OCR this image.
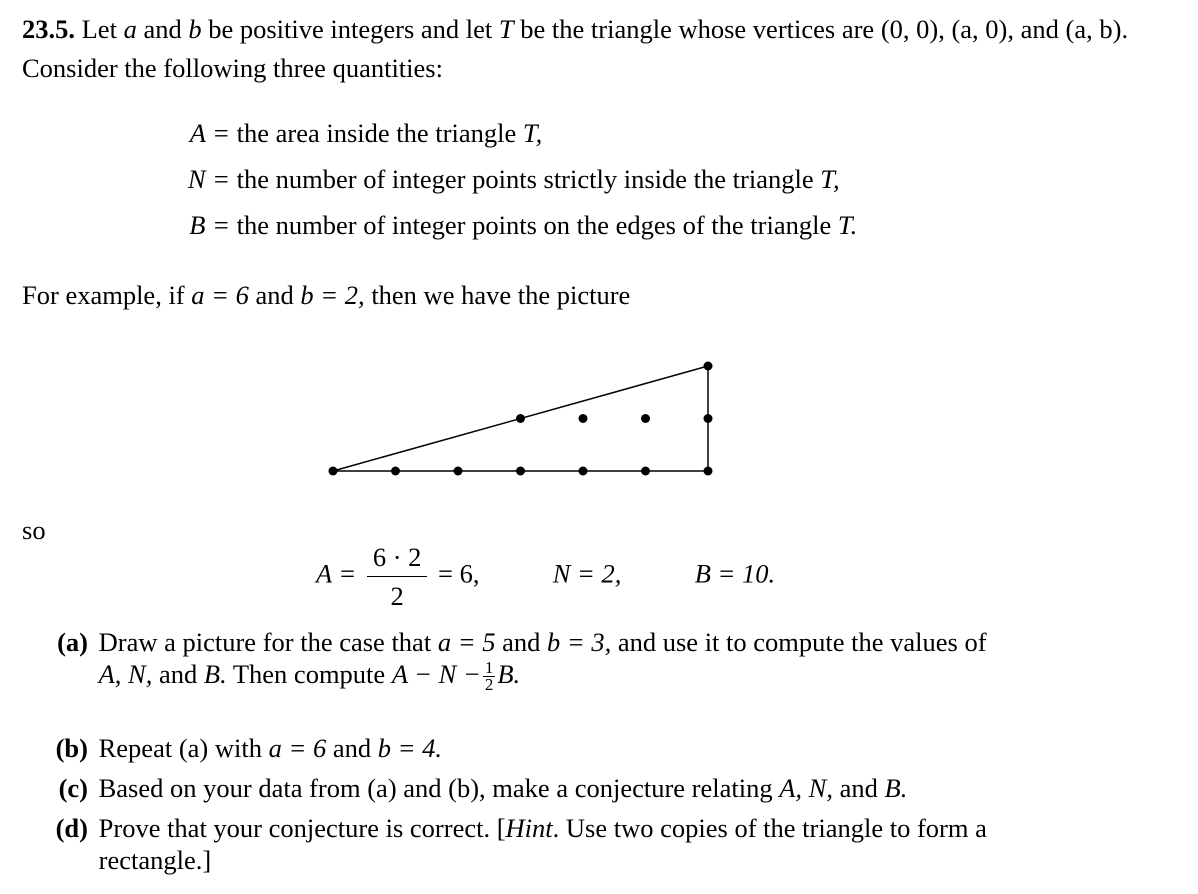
23.5. Let a and b be positive integers and let T be the triangle whose vertices are (0, 0), (a, 0), and (a, b). Consider the following three quantities:
A = the area inside the triangle T,
N = the number of integer points strictly inside the triangle T,
B = the number of integer points on the edges of the triangle T.
For example, if a = 6 and b = 2, then we have the picture
so
$A = \frac{6 \cdot 2}{2} = 6$,	N = 2,	B = 10.
(a) Draw a picture for the case that a = 5 and b = 3, and use it to compute the values of
A, N, and B. Then compute $A - N - \frac{1}{2} B$.
(b) Repeat (a) with a = 6 and b = 4.
(c) Based on your data from (a) and (b), make a conjecture relating A, N, and B.
(d) Prove that your conjecture is correct. [Hint. Use two copies of the triangle to form a
rectangle.]
